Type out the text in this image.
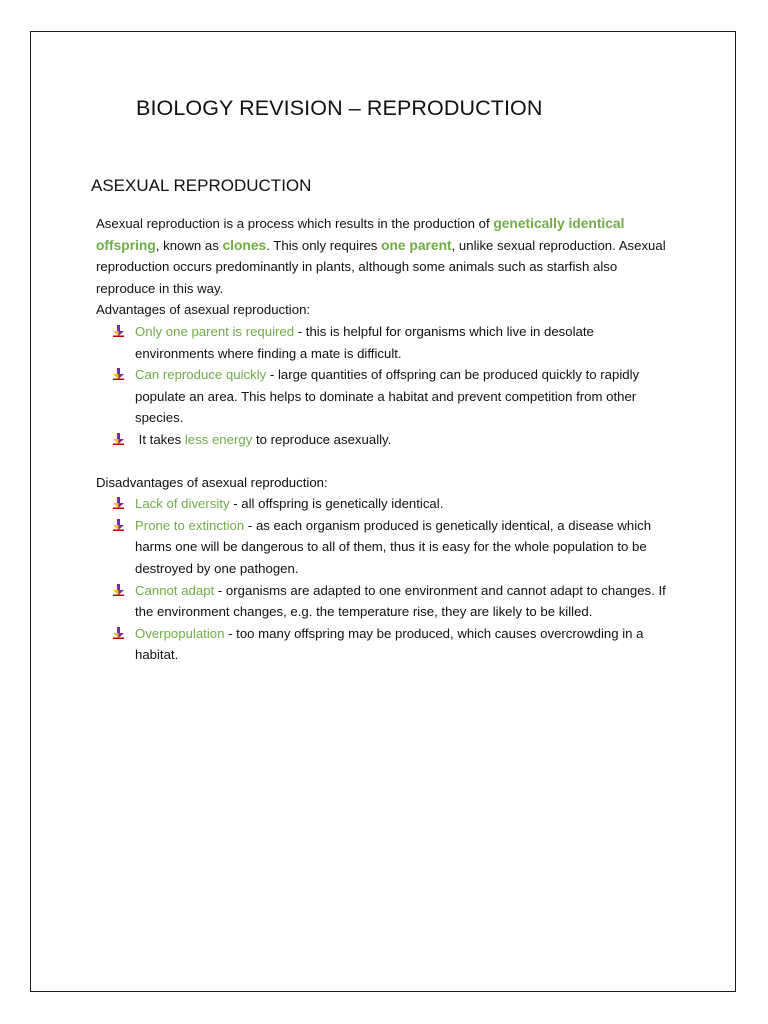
BIOLOGY REVISION – REPRODUCTION
ASEXUAL REPRODUCTION

Asexual reproduction is a process which results in the production of genetically identical offspring, known as clones. This only requires one parent, unlike sexual reproduction. Asexual reproduction occurs predominantly in plants, although some animals such as starfish also reproduce in this way.

Advantages of asexual reproduction:

Only one parent is required - this is helpful for organisms which live in desolate environments where finding a mate is difficult.
Can reproduce quickly - large quantities of offspring can be produced quickly to rapidly populate an area. This helps to dominate a habitat and prevent competition from other species.
It takes less energy to reproduce asexually.

Disadvantages of asexual reproduction:

Lack of diversity - all offspring is genetically identical.
Prone to extinction - as each organism produced is genetically identical, a disease which harms one will be dangerous to all of them, thus it is easy for the whole population to be destroyed by one pathogen.
Cannot adapt - organisms are adapted to one environment and cannot adapt to changes. If the environment changes, e.g. the temperature rise, they are likely to be killed.
Overpopulation - too many offspring may be produced, which causes overcrowding in a habitat.
